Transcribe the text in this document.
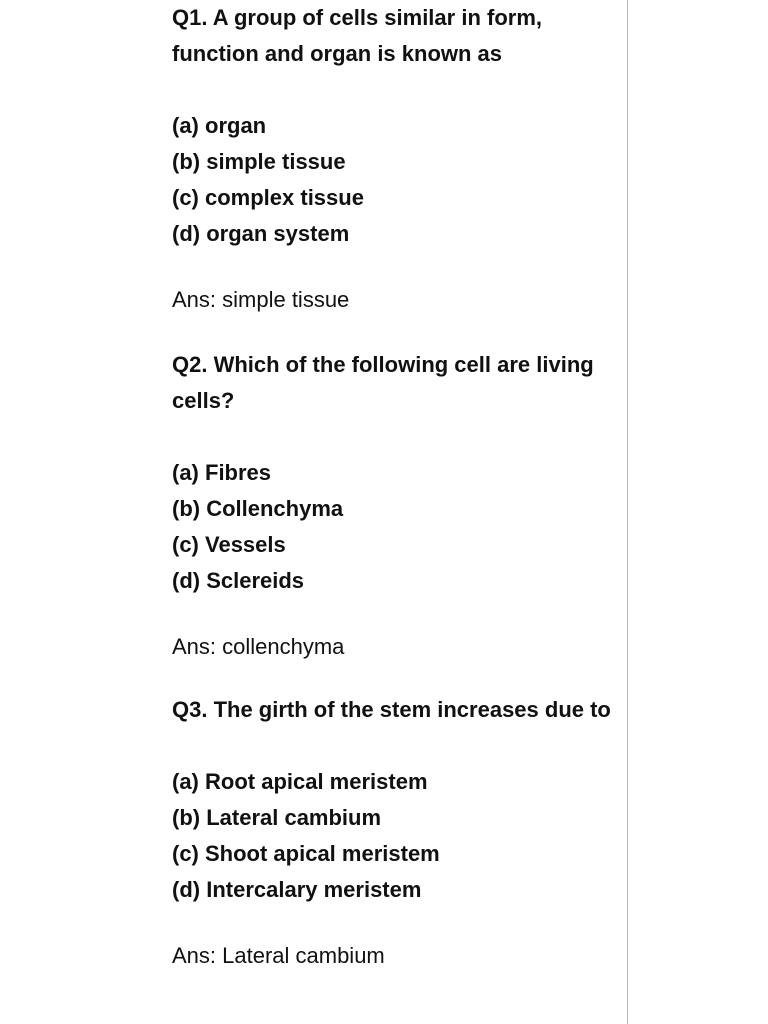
Q1. A group of cells similar in form, function and organ is known as

(a) organ
(b) simple tissue
(c) complex tissue
(d) organ system
Ans: simple tissue

Q2. Which of the following cell are living cells?

(a) Fibres
(b) Collenchyma
(c) Vessels
(d) Sclereids
Ans: collenchyma

Q3. The girth of the stem increases due to

(a) Root apical meristem
(b) Lateral cambium
(c) Shoot apical meristem
(d) Intercalary meristem
Ans: Lateral cambium
